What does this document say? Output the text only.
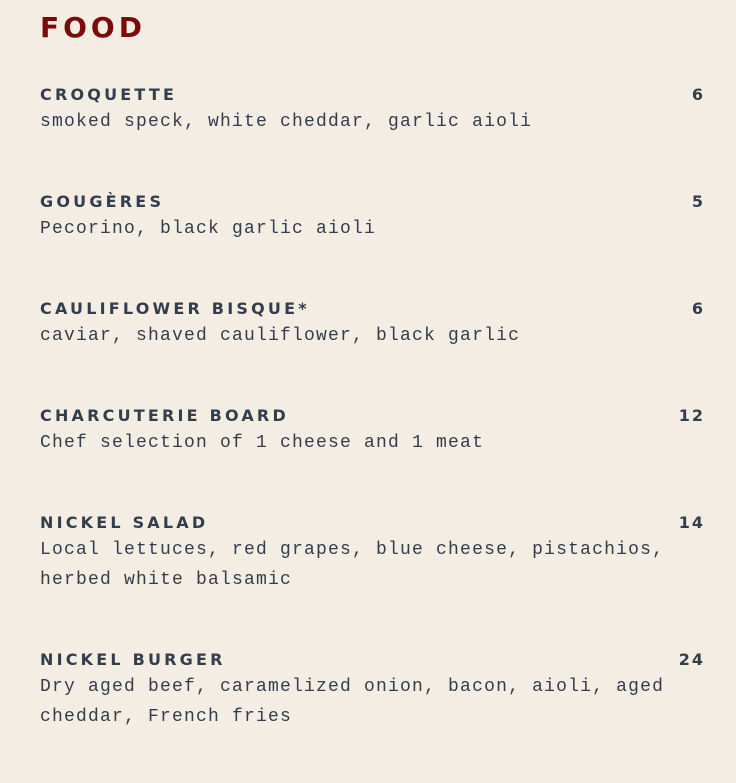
FOOD
CROQUETTE	6
smoked speck, white cheddar, garlic aioli
GOUGÈRES	5
Pecorino, black garlic aioli
CAULIFLOWER BISQUE*	6
caviar, shaved cauliflower, black garlic
CHARCUTERIE BOARD	12
Chef selection of 1 cheese and 1 meat
NICKEL SALAD	14
Local lettuces, red grapes, blue cheese, pistachios, herbed white balsamic
NICKEL BURGER	24
Dry aged beef, caramelized onion, bacon, aioli, aged cheddar, French fries
